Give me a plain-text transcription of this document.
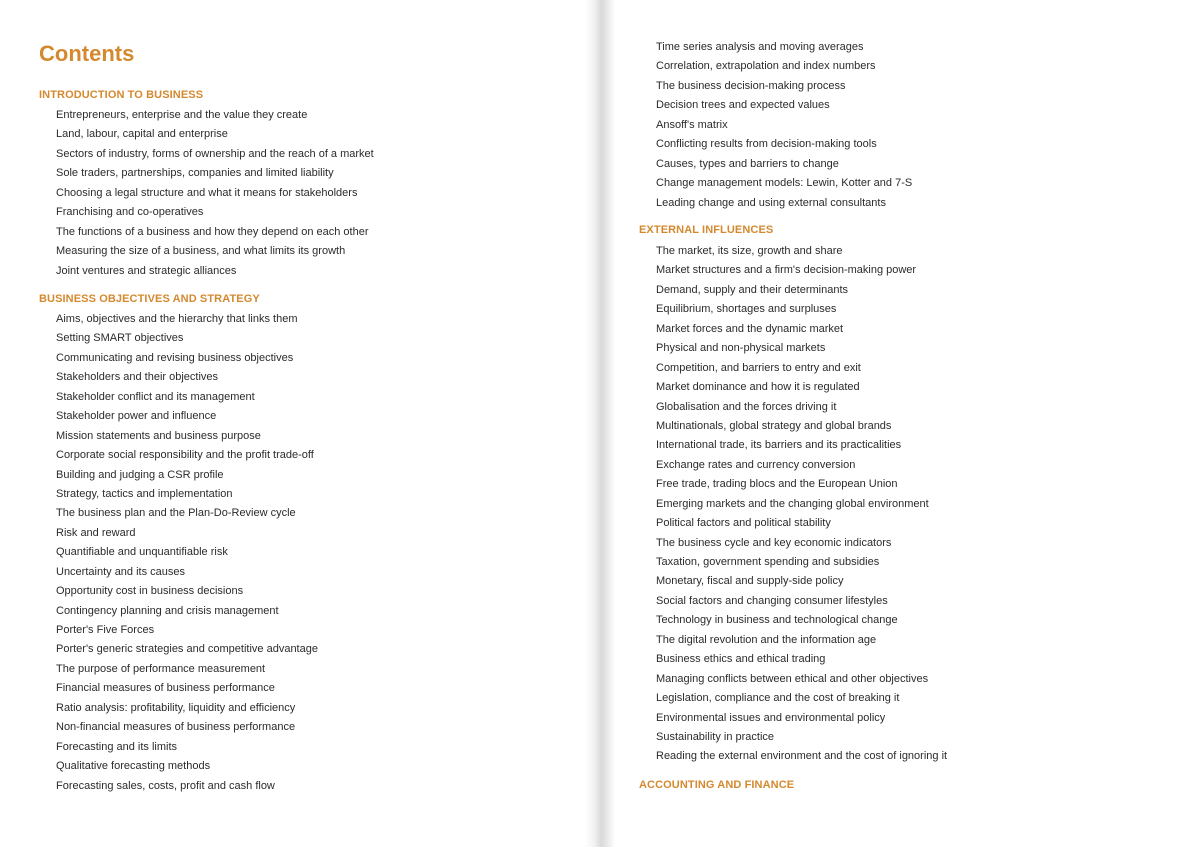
Contents
INTRODUCTION TO BUSINESS
Entrepreneurs, enterprise and the value they create
Land, labour, capital and enterprise
Sectors of industry, forms of ownership and the reach of a market
Sole traders, partnerships, companies and limited liability
Choosing a legal structure and what it means for stakeholders
Franchising and co-operatives
The functions of a business and how they depend on each other
Measuring the size of a business, and what limits its growth
Joint ventures and strategic alliances
BUSINESS OBJECTIVES AND STRATEGY
Aims, objectives and the hierarchy that links them
Setting SMART objectives
Communicating and revising business objectives
Stakeholders and their objectives
Stakeholder conflict and its management
Stakeholder power and influence
Mission statements and business purpose
Corporate social responsibility and the profit trade-off
Building and judging a CSR profile
Strategy, tactics and implementation
The business plan and the Plan-Do-Review cycle
Risk and reward
Quantifiable and unquantifiable risk
Uncertainty and its causes
Opportunity cost in business decisions
Contingency planning and crisis management
Porter's Five Forces
Porter's generic strategies and competitive advantage
The purpose of performance measurement
Financial measures of business performance
Ratio analysis: profitability, liquidity and efficiency
Non-financial measures of business performance
Forecasting and its limits
Qualitative forecasting methods
Forecasting sales, costs, profit and cash flow
Time series analysis and moving averages
Correlation, extrapolation and index numbers
The business decision-making process
Decision trees and expected values
Ansoff's matrix
Conflicting results from decision-making tools
Causes, types and barriers to change
Change management models: Lewin, Kotter and 7-S
Leading change and using external consultants
EXTERNAL INFLUENCES
The market, its size, growth and share
Market structures and a firm's decision-making power
Demand, supply and their determinants
Equilibrium, shortages and surpluses
Market forces and the dynamic market
Physical and non-physical markets
Competition, and barriers to entry and exit
Market dominance and how it is regulated
Globalisation and the forces driving it
Multinationals, global strategy and global brands
International trade, its barriers and its practicalities
Exchange rates and currency conversion
Free trade, trading blocs and the European Union
Emerging markets and the changing global environment
Political factors and political stability
The business cycle and key economic indicators
Taxation, government spending and subsidies
Monetary, fiscal and supply-side policy
Social factors and changing consumer lifestyles
Technology in business and technological change
The digital revolution and the information age
Business ethics and ethical trading
Managing conflicts between ethical and other objectives
Legislation, compliance and the cost of breaking it
Environmental issues and environmental policy
Sustainability in practice
Reading the external environment and the cost of ignoring it
ACCOUNTING AND FINANCE
